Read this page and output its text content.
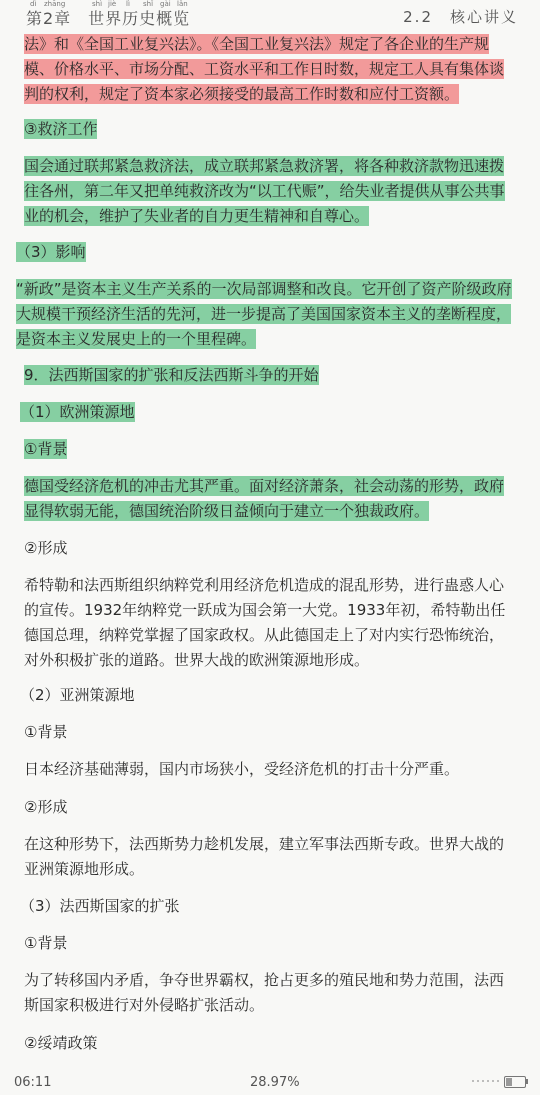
法》和《全国工业复兴法》。《全国工业复兴法》规定了各企业的生产规模、价格水平、市场分配、工资水平和工作日时数，规定工人具有集体谈判的权利，规定了资本家必须接受的最高工作时数和应付工资额。
③救济工作
国会通过联邦紧急救济法，成立联邦紧急救济署，将各种救济款物迅速拨往各州，第二年又把单纯救济改为“以工代赈”，给失业者提供从事公共事业的机会，维护了失业者的自力更生精神和自尊心。
（3）影响
“新政”是资本主义生产关系的一次局部调整和改良。它开创了资产阶级政府大规模干预经济生活的先河，进一步提高了美国国家资本主义的垄断程度，是资本主义发展史上的一个里程碑。
9．法西斯国家的扩张和反法西斯斗争的开始
（1）欧洲策源地
①背景
德国受经济危机的冲击尤其严重。面对经济萧条，社会动荡的形势，政府显得软弱无能，德国统治阶级日益倾向于建立一个独裁政府。
②形成
希特勒和法西斯组织纳粹党利用经济危机造成的混乱形势，进行蛊惑人心的宣传。1932年纳粹党一跃成为国会第一大党。1933年初，希特勒出任德国总理，纳粹党掌握了国家政权。从此德国走上了对内实行恐怖统治，对外积极扩张的道路。世界大战的欧洲策源地形成。
（2）亚洲策源地
①背景
日本经济基础薄弱，国内市场狭小，受经济危机的打击十分严重。
②形成
在这种形势下，法西斯势力趁机发展，建立军事法西斯专政。世界大战的亚洲策源地形成。
（3）法西斯国家的扩张
①背景
为了转移国内矛盾，争夺世界霸权，抢占更多的殖民地和势力范围，法西斯国家积极进行对外侵略扩张活动。
②绥靖政策
dì zhāng	shì jiè lì shǐ gài lǎn
第2章　世界历史概览	2.2　核心讲义
06:11	28.97%
